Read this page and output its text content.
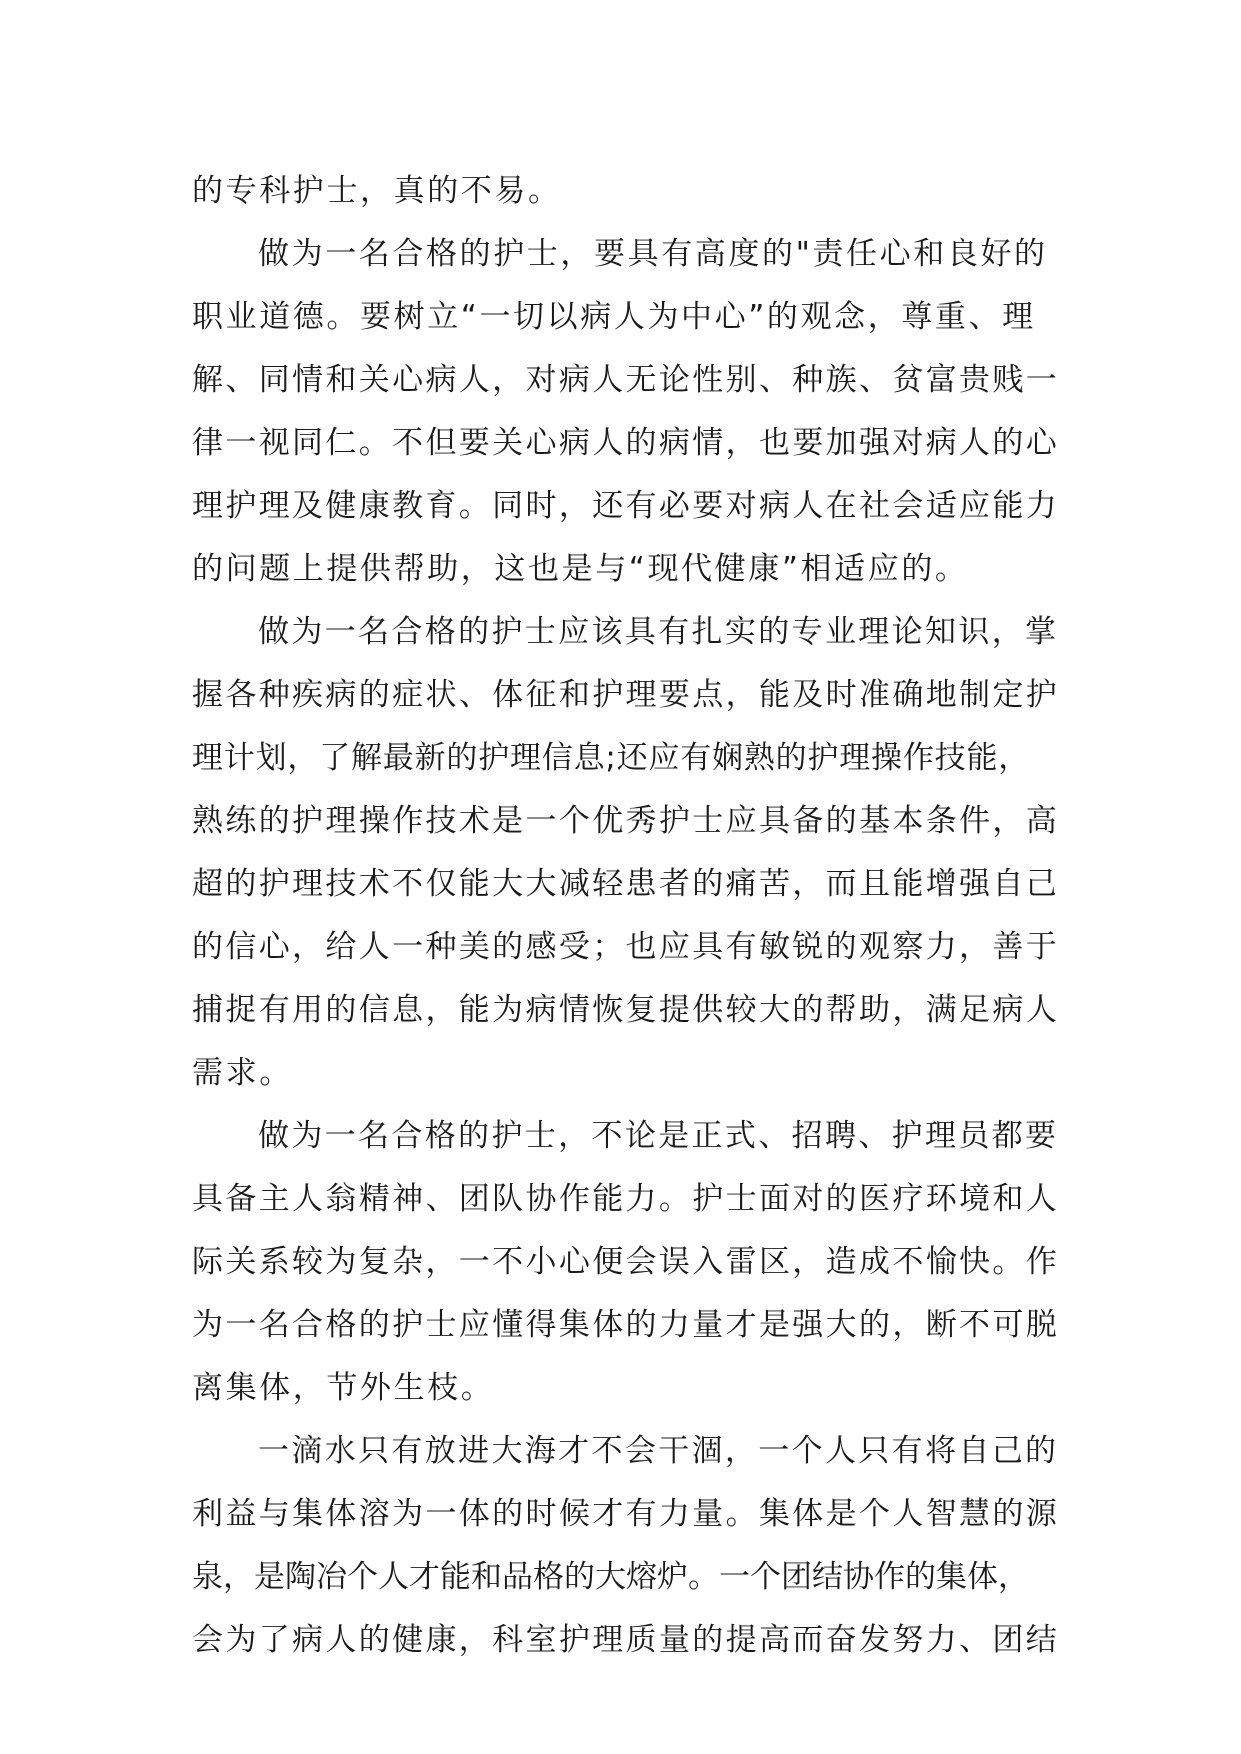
的专科护士，真的不易。
做为一名合格的护士，要具有高度的"责任心和良好的
职业道德。要树立“一切以病人为中心”的观念，尊重、理
解、同情和关心病人，对病人无论性别、种族、贫富贵贱一
律一视同仁。不但要关心病人的病情，也要加强对病人的心
理护理及健康教育。同时，还有必要对病人在社会适应能力
的问题上提供帮助，这也是与“现代健康”相适应的。
做为一名合格的护士应该具有扎实的专业理论知识，掌
握各种疾病的症状、体征和护理要点，能及时准确地制定护
理计划，了解最新的护理信息;还应有娴熟的护理操作技能，
熟练的护理操作技术是一个优秀护士应具备的基本条件，高
超的护理技术不仅能大大减轻患者的痛苦，而且能增强自己
的信心，给人一种美的感受；也应具有敏锐的观察力，善于
捕捉有用的信息，能为病情恢复提供较大的帮助，满足病人
需求。
做为一名合格的护士，不论是正式、招聘、护理员都要
具备主人翁精神、团队协作能力。护士面对的医疗环境和人
际关系较为复杂，一不小心便会误入雷区，造成不愉快。作
为一名合格的护士应懂得集体的力量才是强大的，断不可脱
离集体，节外生枝。
一滴水只有放进大海才不会干涸，一个人只有将自己的
利益与集体溶为一体的时候才有力量。集体是个人智慧的源
泉，是陶冶个人才能和品格的大熔炉。一个团结协作的集体，
会为了病人的健康，科室护理质量的提高而奋发努力、团结
